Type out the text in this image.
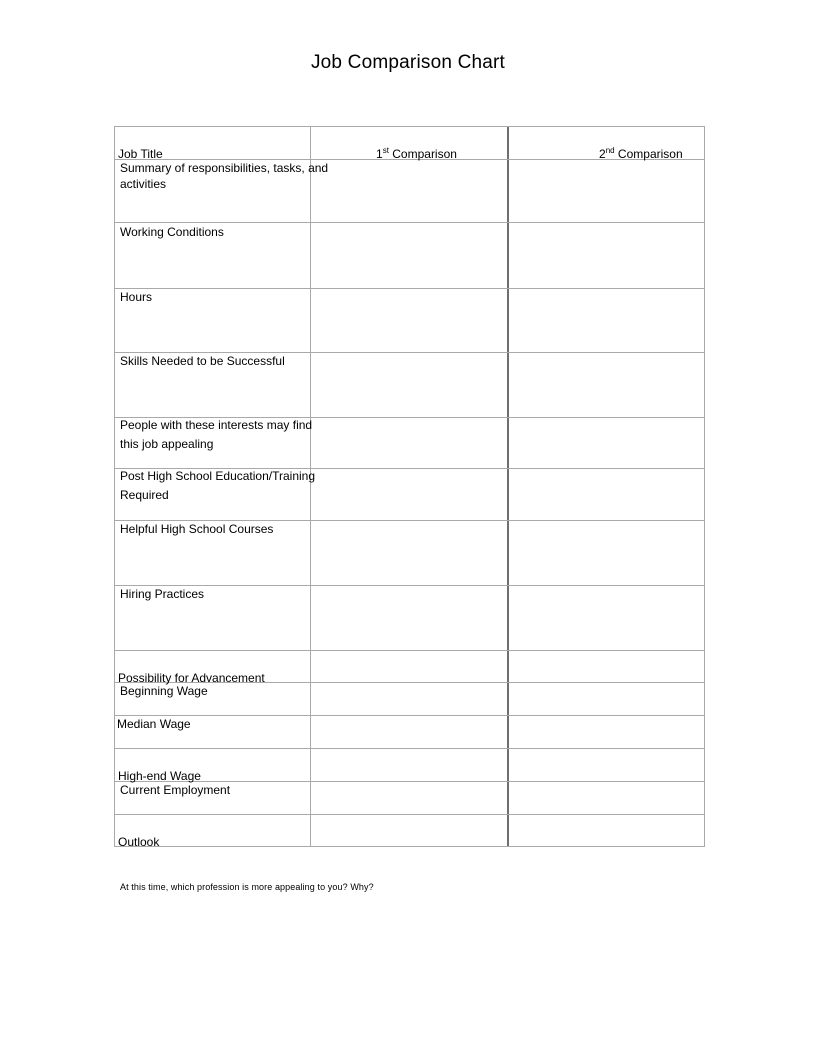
Job Comparison Chart
Job Title	1st Comparison	2nd Comparison
Summary of responsibilities, tasks, and
activities
Working Conditions
Hours
Skills Needed to be Successful
People with these interests may find
this job appealing
Post High School Education/Training
Required
Helpful High School Courses
Hiring Practices
Possibility for Advancement
Beginning Wage
Median Wage
High-end Wage
Current Employment
Outlook
At this time, which profession is more appealing to you? Why?
